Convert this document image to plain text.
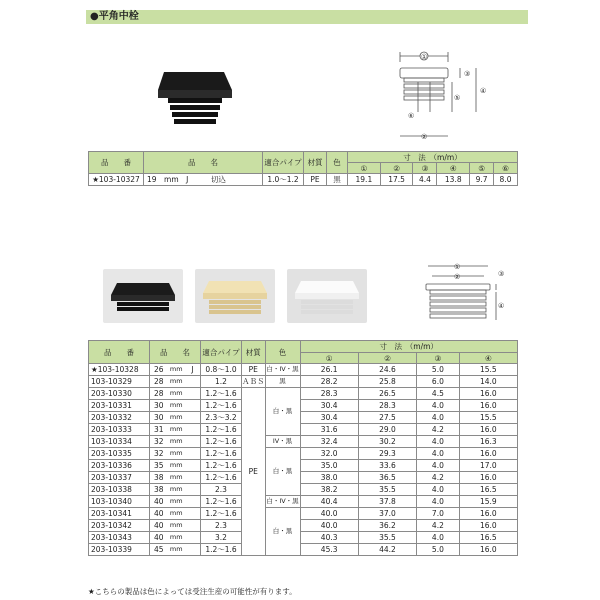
●平角中栓
①
②
③
④
⑤
⑥
品　　番	品　　名	適合パイプ	材質	色	寸　法　（m/m）					
					①	②	③	④	⑤	⑥
★103-10327	19　mm　J　　　切込	1.0～1.2	PE	黒	19.1	17.5	4.4	13.8	9.7	8.0
①
②	③
④
品　　番	品　　名			適合パイプ	材質	色	寸　法　（m/m）			
							①	②	③	④
★103-10328	26	mm	J	0.8～1.0	PE	白・IV・黒	26.1	24.6	5.0	15.5
103-10329	28	mm		1.2	ＡＢＳ	黒	28.2	25.8	6.0	14.0
203-10330	28	mm		1.2～1.6	PE	白・黒	28.3	26.5	4.5	16.0
203-10331	30	mm		1.2～1.6			30.4	28.3	4.0	16.0
203-10332	30	mm		2.3～3.2			30.4	27.5	4.0	15.5
203-10333	31	mm		1.2～1.6			31.6	29.0	4.2	16.0
103-10334	32	mm		1.2～1.6		IV・黒	32.4	30.2	4.0	16.3
203-10335	32	mm		1.2～1.6		白・黒	32.0	29.3	4.0	16.0
203-10336	35	mm		1.2～1.6			35.0	33.6	4.0	17.0
203-10337	38	mm		1.2～1.6			38.0	36.5	4.2	16.0
203-10338	38	mm		2.3			38.2	35.5	4.0	16.5
103-10340	40	mm		1.2～1.6		白・IV・黒	40.4	37.8	4.0	15.9
203-10341	40	mm		1.2～1.6		白・黒	40.0	37.0	7.0	16.0
203-10342	40	mm		2.3			40.0	36.2	4.2	16.0
203-10343	40	mm		3.2			40.3	35.5	4.0	16.5
203-10339	45	mm		1.2～1.6			45.3	44.2	5.0	16.0
★こちらの製品は色によっては受注生産の可能性が有ります。
